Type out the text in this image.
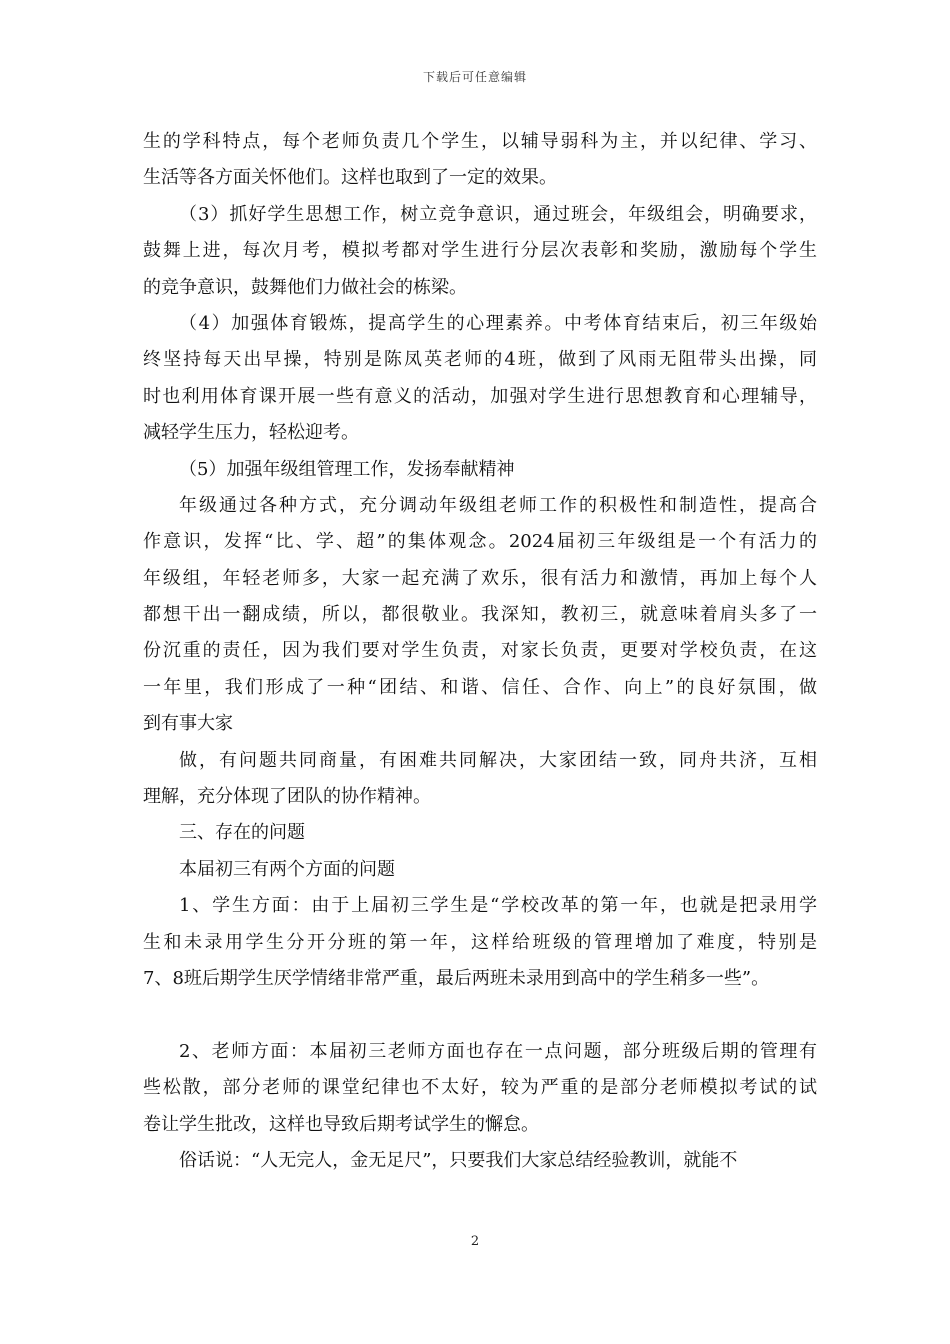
下载后可任意编辑
生的学科特点，每个老师负责几个学生，以辅导弱科为主，并以纪律、学习、
生活等各方面关怀他们。这样也取到了一定的效果。
（3）抓好学生思想工作，树立竞争意识，通过班会，年级组会，明确要求，
鼓舞上进，每次月考，模拟考都对学生进行分层次表彰和奖励，激励每个学生
的竞争意识，鼓舞他们力做社会的栋梁。
（4）加强体育锻炼，提高学生的心理素养。中考体育结束后，初三年级始
终坚持每天出早操，特别是陈凤英老师的4班，做到了风雨无阻带头出操，同
时也利用体育课开展一些有意义的活动，加强对学生进行思想教育和心理辅导，
减轻学生压力，轻松迎考。
（5）加强年级组管理工作，发扬奉献精神
年级通过各种方式，充分调动年级组老师工作的积极性和制造性，提高合
作意识，发挥“比、学、超”的集体观念。2024届初三年级组是一个有活力的
年级组，年轻老师多，大家一起充满了欢乐，很有活力和激情，再加上每个人
都想干出一翻成绩，所以，都很敬业。我深知，教初三，就意味着肩头多了一
份沉重的责任，因为我们要对学生负责，对家长负责，更要对学校负责，在这
一年里，我们形成了一种“团结、和谐、信任、合作、向上”的良好氛围，做
到有事大家
做，有问题共同商量，有困难共同解决，大家团结一致，同舟共济，互相
理解，充分体现了团队的协作精神。
三、存在的问题
本届初三有两个方面的问题
1、学生方面：由于上届初三学生是“学校改革的第一年，也就是把录用学
生和未录用学生分开分班的第一年，这样给班级的管理增加了难度，特别是
7、8班后期学生厌学情绪非常严重，最后两班未录用到高中的学生稍多一些”。
2、老师方面：本届初三老师方面也存在一点问题，部分班级后期的管理有
些松散，部分老师的课堂纪律也不太好，较为严重的是部分老师模拟考试的试
卷让学生批改，这样也导致后期考试学生的懈怠。
俗话说：“人无完人，金无足尺”，只要我们大家总结经验教训，就能不
2
